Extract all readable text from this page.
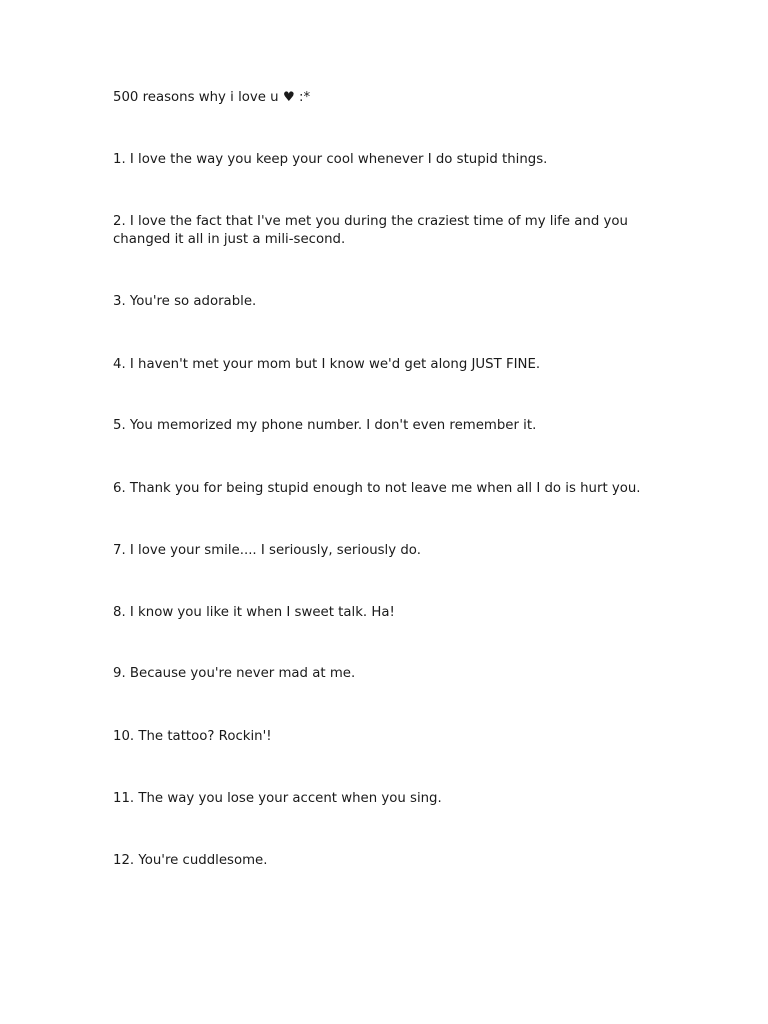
500 reasons why i love u ♥ :*

1. I love the way you keep your cool whenever I do stupid things.

2. I love the fact that I've met you during the craziest time of my life and you changed it all in just a mili-second.

3. You're so adorable.

4. I haven't met your mom but I know we'd get along JUST FINE.

5. You memorized my phone number. I don't even remember it.

6. Thank you for being stupid enough to not leave me when all I do is hurt you.

7. I love your smile.... I seriously, seriously do.

8. I know you like it when I sweet talk. Ha!

9. Because you're never mad at me.

10. The tattoo? Rockin'!

11. The way you lose your accent when you sing.

12. You're cuddlesome.
